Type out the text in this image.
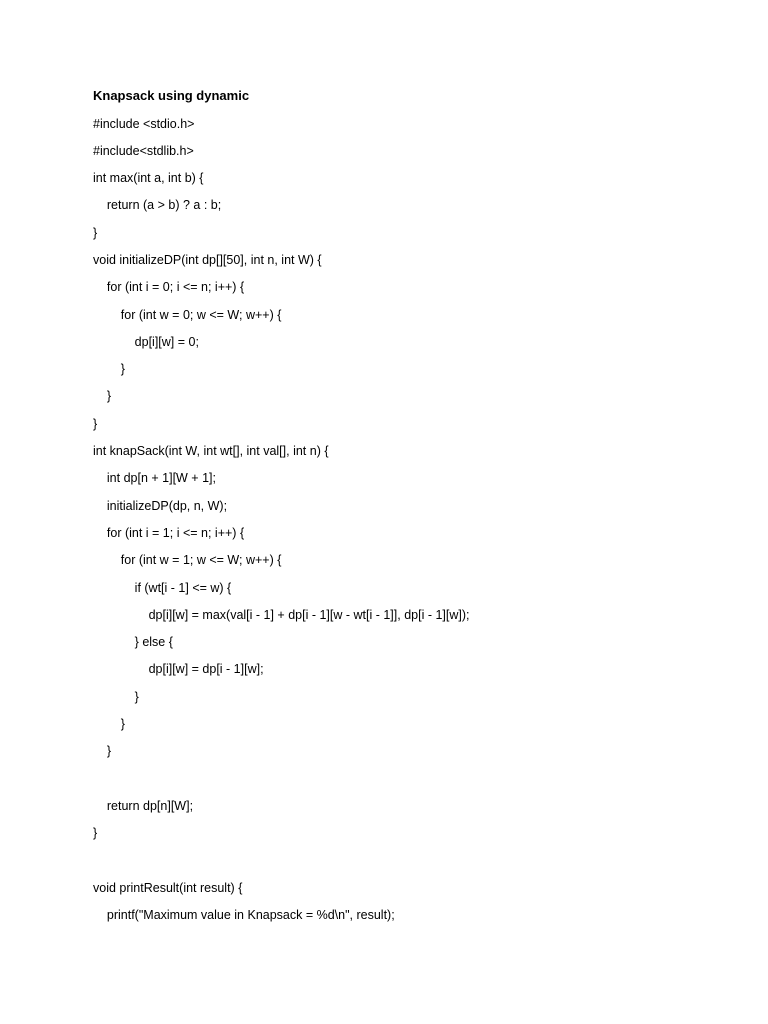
Knapsack using dynamic
#include <stdio.h>
#include<stdlib.h>
int max(int a, int b) {
return (a > b) ? a : b;
}
void initializeDP(int dp[][50], int n, int W) {
for (int i = 0; i <= n; i++) {
for (int w = 0; w <= W; w++) {
dp[i][w] = 0;
}
}
}
int knapSack(int W, int wt[], int val[], int n) {
int dp[n + 1][W + 1];
initializeDP(dp, n, W);
for (int i = 1; i <= n; i++) {
for (int w = 1; w <= W; w++) {
if (wt[i - 1] <= w) {
dp[i][w] = max(val[i - 1] + dp[i - 1][w - wt[i - 1]], dp[i - 1][w]);
} else {
dp[i][w] = dp[i - 1][w];
}
}
}
return dp[n][W];
}
void printResult(int result) {
printf("Maximum value in Knapsack = %d\n", result);
